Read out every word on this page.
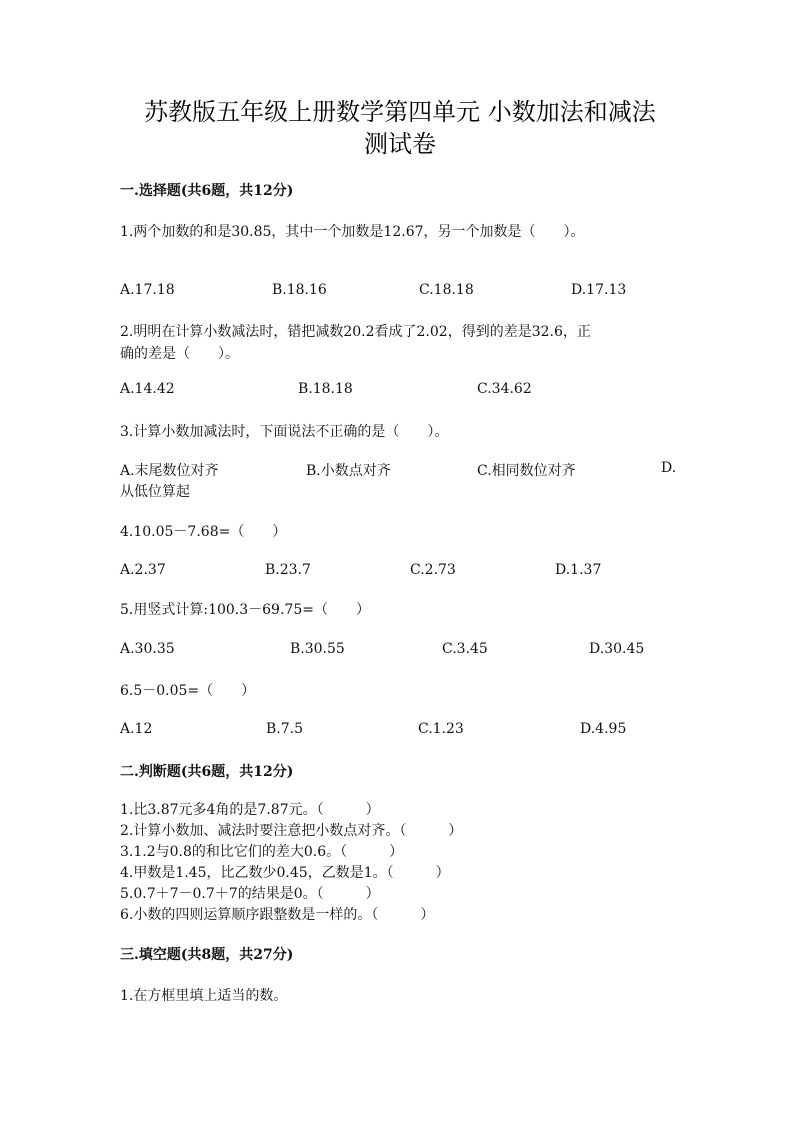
苏教版五年级上册数学第四单元 小数加法和减法
测试卷
一.选择题(共6题，共12分)
1.两个加数的和是30.85，其中一个加数是12.67，另一个加数是（　　）。
A.17.18	B.18.16	C.18.18	D.17.13
2.明明在计算小数减法时，错把减数20.2看成了2.02，得到的差是32.6，正
确的差是（　　）。
A.14.42	B.18.18	C.34.62
3.计算小数加减法时，下面说法不正确的是（　　）。
A.末尾数位对齐	B.小数点对齐	C.相同数位对齐	D.
从低位算起
4.10.05－7.68=（　　）
A.2.37	B.23.7	C.2.73	D.1.37
5.用竖式计算:100.3－69.75=（　　）
A.30.35	B.30.55	C.3.45	D.30.45
6.5－0.05=（　　）
A.12	B.7.5	C.1.23	D.4.95
二.判断题(共6题，共12分)
1.比3.87元多4角的是7.87元。（　　　）
2.计算小数加、减法时要注意把小数点对齐。（　　　）
3.1.2与0.8的和比它们的差大0.6。（　　　）
4.甲数是1.45，比乙数少0.45，乙数是1。（　　　）
5.0.7＋7－0.7＋7的结果是0。（　　　）
6.小数的四则运算顺序跟整数是一样的。（　　　）
三.填空题(共8题，共27分)
1.在方框里填上适当的数。
